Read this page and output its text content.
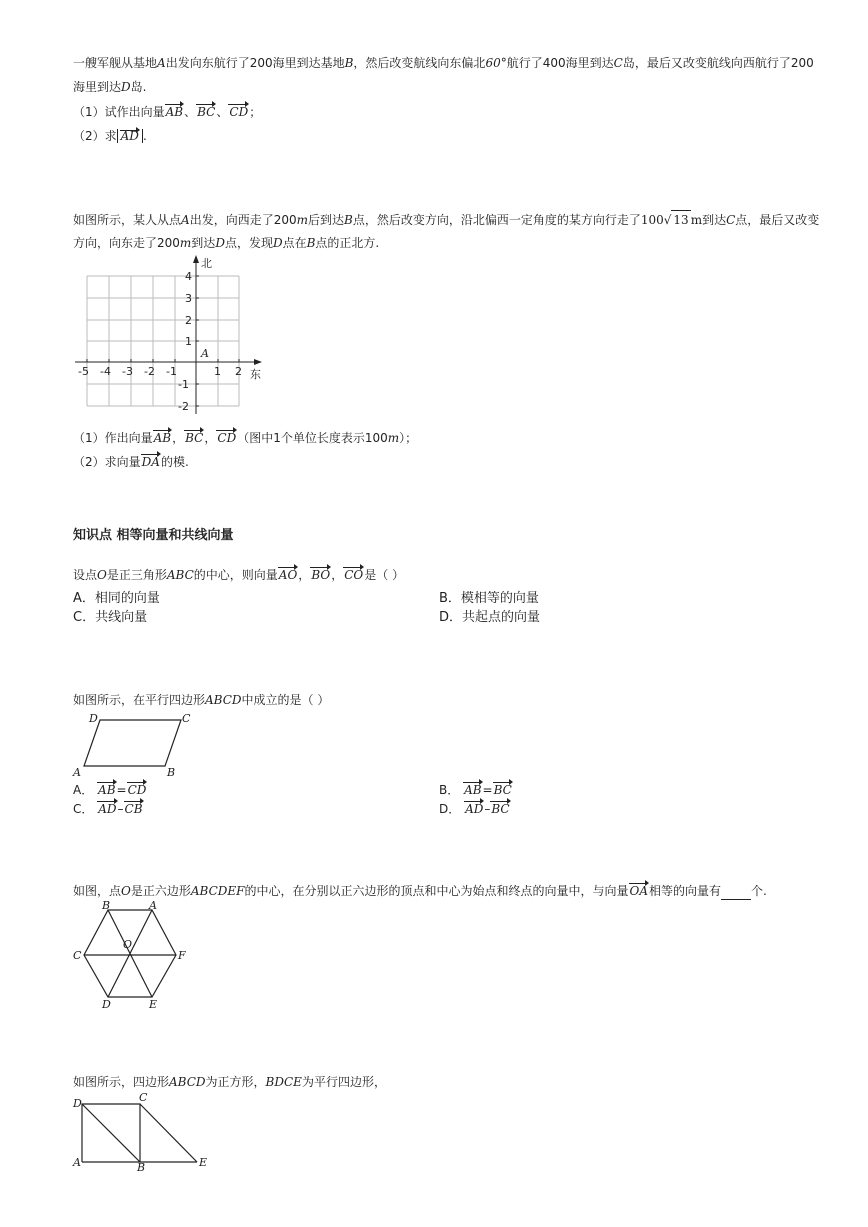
一艘军舰从基地A出发向东航行了200海里到达基地B，然后改变航线向东偏北60°航行了400海里到达C岛，最后又改变航线向西航行了200
海里到达D岛.
（1）试作出向量AB、BC、CD；
（2）求 AD .
如图所示，某人从点A出发，向西走了200m后到达B点，然后改变方向，沿北偏西一定角度的某方向行走了100√ 13 m到达C点，最后又改变
方向，向东走了200m到达D点，发现D点在B点的正北方.
北
东
A
-5 -4 -3 -2 -1	1 2
4
3
2
1
-1
-2
（1）作出向量AB，BC，CD（图中1个单位长度表示100m）；
（2）求向量DA的模.
知识点 相等向量和共线向量
设点O是正三角形ABC的中心，则向量AO，BO，CO是（ ）
A．相同的向量	B．模相等的向量
C．共线向量	D．共起点的向量
如图所示，在平行四边形ABCD中成立的是（ ）
A	B
C
D
A． AB=CD	B． AB=BC
C． AD–CB	D． AD–BC
如图，点O是正六边形ABCDEF的中心，在分别以正六边形的顶点和中心为始点和终点的向量中，与向量OA相等的向量有	个.
A
B
C
D	E
F
O
如图所示，四边形ABCD为正方形，BDCE为平行四边形，
A	B
C
D
E
